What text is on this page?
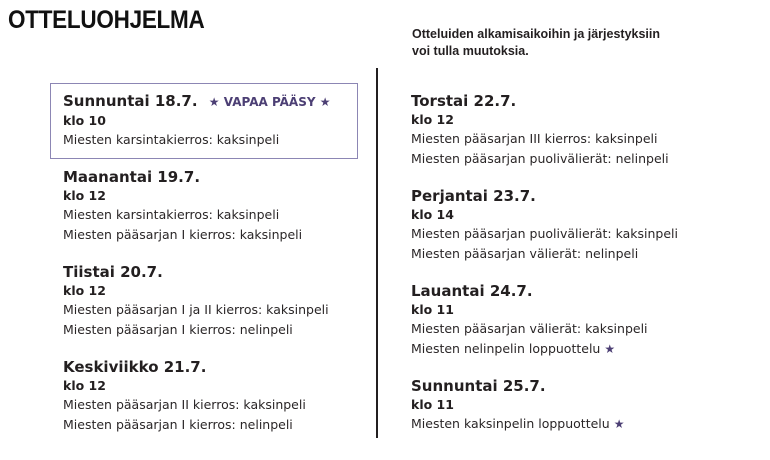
OTTELUOHJELMA	Otteluiden alkamisaikoihin ja järjestyksiin voi tulla muutoksia.
Sunnuntai 18.7. ★ VAPAA PÄÄSY ★
klo 10
Miesten karsintakierros: kaksinpeli
Maanantai 19.7.
klo 12
Miesten karsintakierros: kaksinpeli
Miesten pääsarjan I kierros: kaksinpeli
Tiistai 20.7.
klo 12
Miesten pääsarjan I ja II kierros: kaksinpeli
Miesten pääsarjan I kierros: nelinpeli
Keskiviikko 21.7.
klo 12
Miesten pääsarjan II kierros: kaksinpeli
Miesten pääsarjan I kierros: nelinpeli
Torstai 22.7.
klo 12
Miesten pääsarjan III kierros: kaksinpeli
Miesten pääsarjan puolivälierät: nelinpeli
Perjantai 23.7.
klo 14
Miesten pääsarjan puolivälierät: kaksinpeli
Miesten pääsarjan välierät: nelinpeli
Lauantai 24.7.
klo 11
Miesten pääsarjan välierät: kaksinpeli
Miesten nelinpelin loppuottelu ★
Sunnuntai 25.7.
klo 11
Miesten kaksinpelin loppuottelu ★
